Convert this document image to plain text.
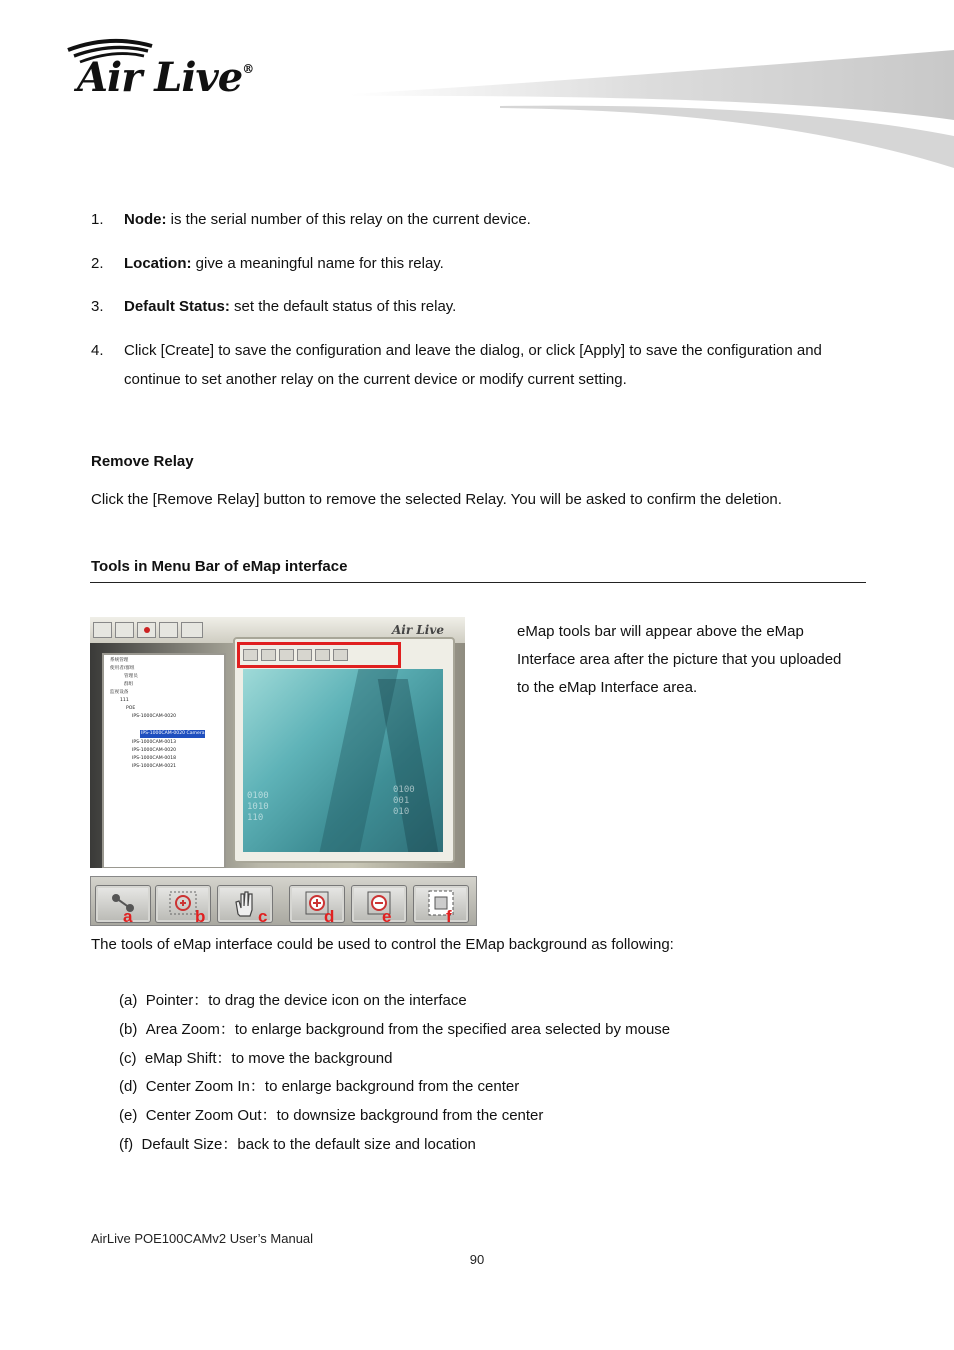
Air Live®
1. Node: is the serial number of this relay on the current device.
2. Location: give a meaningful name for this relay.
3. Default Status: set the default status of this relay.
4. Click [Create] to save the configuration and leave the dialog, or click [Apply] to save the configuration and
continue to set another relay on the current device or modify current setting.
Remove Relay
Click the [Remove Relay] button to remove the selected Relay. You will be asked to confirm the deletion.
Tools in Menu Bar of eMap interface
Air Live
系统管理
使用者/群组
管理员
群组
监视设备
111
POE
IPS-1000CAM-0020
IPS-1000CAM-0020 Camera
IPS-1000CAM-0013
IPS-1000CAM-0020
IPS-1000CAM-0018
IPS-1000CAM-0021
0100
1010
110
0100
001
010
eMap tools bar will appear above the eMap
Interface area after the picture that you uploaded
to the eMap Interface area.
a	b	c	d	e	f
The tools of eMap interface could be used to control the EMap background as following:
(a) Pointer：to drag the device icon on the interface
(b) Area Zoom：to enlarge background from the specified area selected by mouse
(c) eMap Shift：to move the background
(d) Center Zoom In：to enlarge background from the center
(e) Center Zoom Out：to downsize background from the center
(f) Default Size：back to the default size and location
AirLive POE100CAMv2 User’s Manual
90
